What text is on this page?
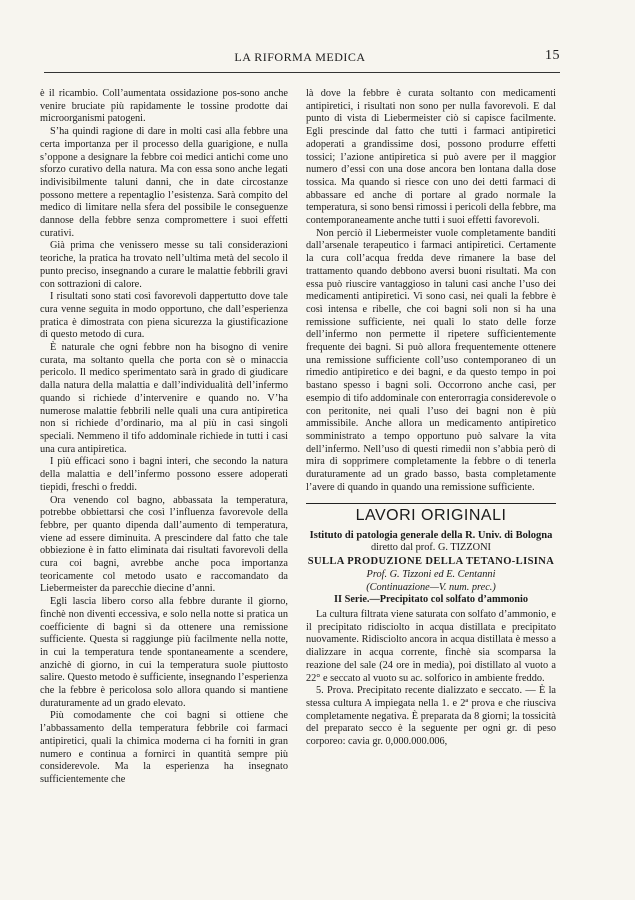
LA RIFORMA MEDICA	15

è il ricambio. Coll’aumentata ossidazione pos-sono anche venire bruciate più rapidamente le tossine prodotte dai microorganismi patogeni.

S’ha quindi ragione di dare in molti casi alla febbre una certa importanza per il processo della guarigione, e nulla s’oppone a designare la febbre coi medici antichi come uno sforzo curativo della natura. Ma con essa sono anche legati indivisibilmente taluni danni, che in date circostanze possono mettere a repentaglio l’esistenza. Sarà compito del medico di limitare nella sfera del possibile le conseguenze dannose della febbre senza compromettere i suoi effetti curativi.

Già prima che venissero messe su tali considerazioni teoriche, la pratica ha trovato nell’ultima metà del secolo il punto preciso, insegnando a curare le malattie febbrili gravi con sottrazioni di calore.

I risultati sono stati così favorevoli dappertutto dove tale cura venne seguita in modo opportuno, che dall’esperienza pratica è dimostrata con piena sicurezza la giustificazione di questo metodo di cura.

È naturale che ogni febbre non ha bisogno di venire curata, ma soltanto quella che porta con sè o minaccia pericolo. Il medico sperimentato sarà in grado di giudicare dalla natura della malattia e dall’individualità dell’infermo quando si richiede d’intervenire e quando no. V’ha numerose malattie febbrili nelle quali una cura antipiretica non si richiede d’ordinario, ma al più in casi singoli speciali. Nemmeno il tifo addominale richiede in tutti i casi una cura antipiretica.

I più efficaci sono i bagni interi, che secondo la natura della malattia e dell’infermo possono essere adoperati tiepidi, freschi o freddi.

Ora venendo col bagno, abbassata la temperatura, potrebbe obbiettarsi che così l’influenza favorevole della febbre, per quanto dipenda dall’aumento di temperatura, viene ad essere diminuita. A prescindere dal fatto che tale obbiezione è in fatto eliminata dai risultati favorevoli della cura coi bagni, avrebbe anche poca importanza teoricamente col metodo usato e raccomandato da Liebermeister da parecchie diecine d’anni.

Egli lascia libero corso alla febbre durante il giorno, finchè non diventi eccessiva, e solo nella notte si pratica un coefficiente di bagni sì da ottenere una remissione sufficiente. Questa si raggiunge più facilmente nella notte, in cui la temperatura tende spontaneamente a scendere, anzichè di giorno, in cui la temperatura suole piuttosto salire. Questo metodo è sufficiente, insegnando l’esperienza che la febbre è pericolosa solo allora quando si mantiene duraturamente ad un grado elevato.

Più comodamente che coi bagni si ottiene che l’abbassamento della temperatura febbrile coi farmaci antipiretici, quali la chimica moderna ci ha forniti in gran numero e continua a fornirci in quantità sempre più considerevole. Ma la esperienza ha insegnato sufficientemente che

là dove la febbre è curata soltanto con medicamenti antipiretici, i risultati non sono per nulla favorevoli. E dal punto di vista di Liebermeister ciò si capisce facilmente. Egli prescinde dal fatto che tutti i farmaci antipiretici adoperati a grandissime dosi, possono produrre effetti tossici; l’azione antipiretica si può avere per il maggior numero d’essi con una dose ancora ben lontana dalla dose tossica. Ma quando si riesce con uno dei detti farmaci di abbassare ed anche di portare al grado normale la temperatura, si sono bensì rimossi i pericoli della febbre, ma contemporaneamente anche tutti i suoi effetti favorevoli.

Non perciò il Liebermeister vuole completamente banditi dall’arsenale terapeutico i farmaci antipiretici. Certamente la cura coll’acqua fredda deve rimanere la base del trattamento quando debbono aversi buoni risultati. Ma con essa può riuscire vantaggioso in taluni casi anche l’uso dei medicamenti antipiretici. Vi sono casi, nei quali la febbre è così intensa e ribelle, che coi bagni soli non si ha una remissione sufficiente, nei quali lo stato delle forze dell’infermo non permette il ripetere sufficientemente frequente dei bagni. Si può allora frequentemente ottenere una remissione sufficiente coll’uso contemporaneo di un rimedio antipiretico e dei bagni, e da questo tempo in poi bastano spesso i bagni soli. Occorrono anche casi, per esempio di tifo addominale con enterorragia considerevole o con peritonite, nei quali l’uso dei bagni non è più ammissibile. Anche allora un medicamento antipiretico somministrato a tempo opportuno può salvare la vita dell’infermo. Nell’uso di questi rimedii non s’abbia però di mira di sopprimere completamente la febbre o di tenerla duraturamente ad un grado basso, basta completamente l’avere di quando in quando una remissione sufficiente.

LAVORI ORIGINALI
Istituto di patologia generale della R. Univ. di Bologna
diretto dal prof. G. TIZZONI
SULLA PRODUZIONE DELLA TETANO-LISINA
Prof. G. Tizzoni ed E. Centanni
(Continuazione—V. num. prec.)
II Serie.—Precipitato col solfato d’ammonio

La cultura filtrata viene saturata con solfato d’ammonio, e il precipitato ridisciolto in acqua distillata e precipitato nuovamente. Ridisciolto ancora in acqua distillata è messo a dializzare in acqua corrente, finchè sia scomparsa la reazione del sale (24 ore in media), poi distillato al vuoto a 22° e seccato al vuoto su ac. solforico in ambiente freddo.

5. Prova. Precipitato recente dializzato e seccato. — È la stessa cultura A impiegata nella 1. e 2ª prova e che riusciva completamente negativa. È preparata da 8 giorni; la tossicità del preparato secco è la seguente per ogni gr. di peso corporeo: cavia gr. 0,000.000.006,
